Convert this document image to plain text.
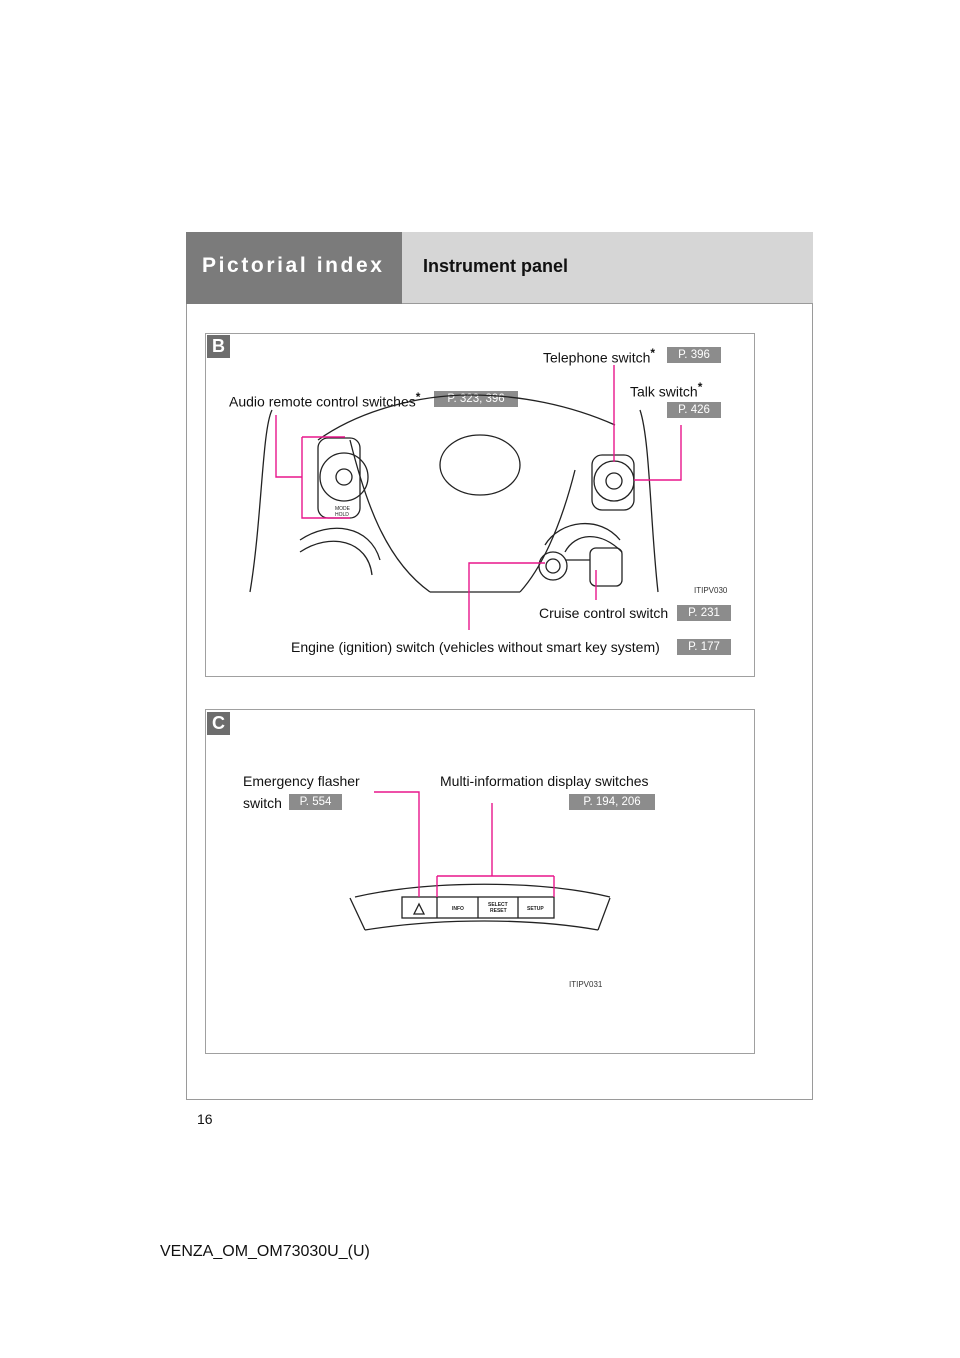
Pictorial index Instrument panel
B
Telephone switch*	P. 396
Talk switch*
P. 426
Audio remote control switches*	P. 323, 396
Cruise control switch	P. 231
Engine (ignition) switch (vehicles without smart key system)	P. 177
ITIPV030
C
Emergency flasher
switch	P. 554
Multi-information display switches
P. 194, 206
ITIPV031
MODE
HOLD
INFO
SELECT
RESET	SETUP
16
VENZA_OM_OM73030U_(U)
